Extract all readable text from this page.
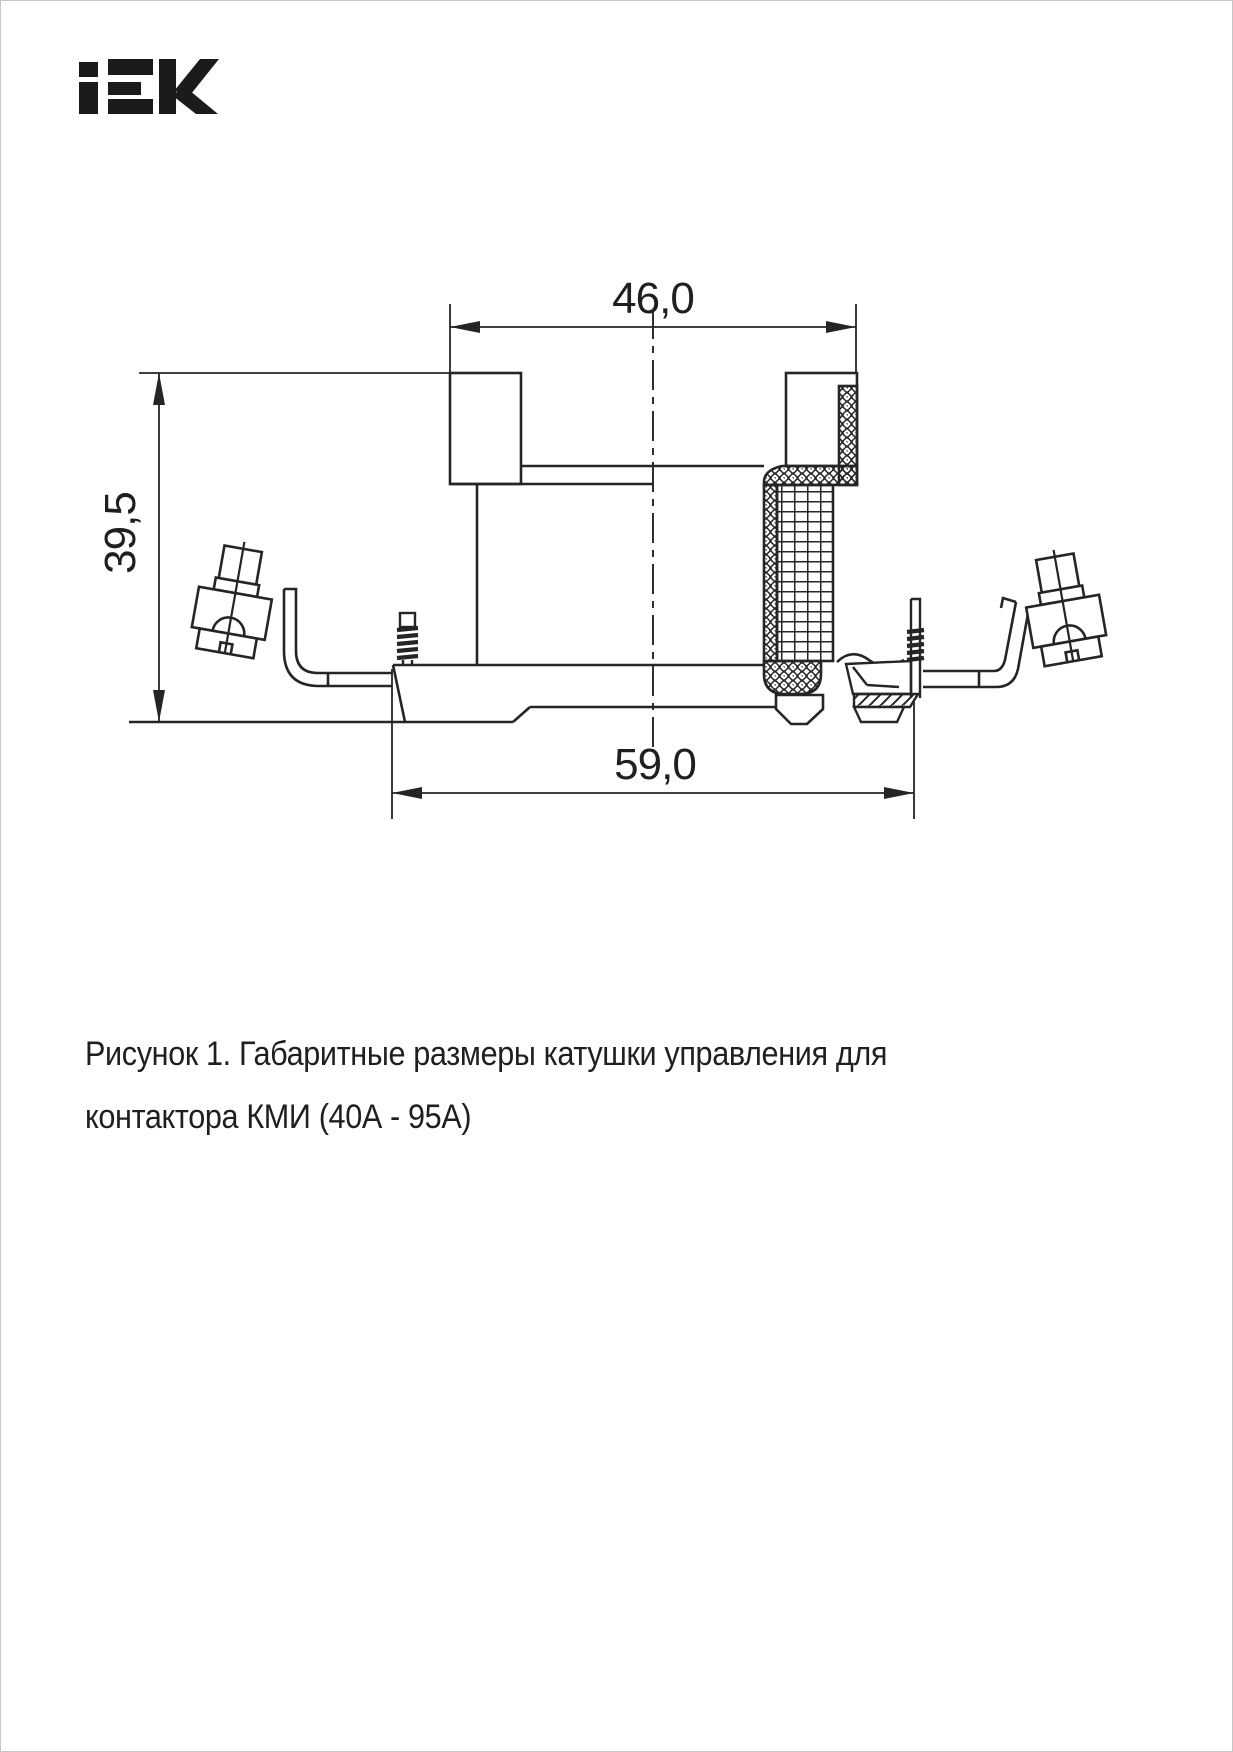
46,0
39,5
59,0
Рисунок 1. Габаритные размеры катушки управления для
контактора КМИ (40А - 95А)
